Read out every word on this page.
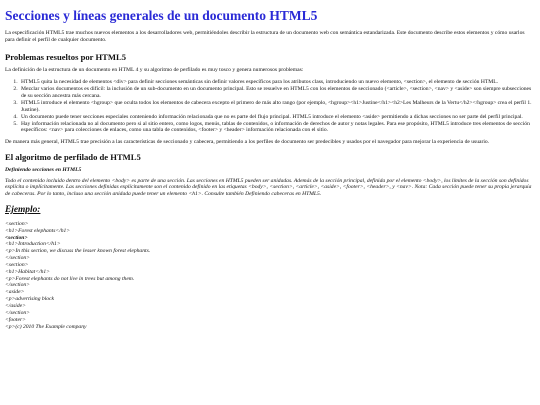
Secciones y líneas generales de un documento HTML5

La especificación HTML5 trae muchos nuevos elementos a los desarrolladores web, permitiéndoles describir la estructura de un documento web con semántica estandarizada. Este documento describe estos elementos y cómo usarlos para definir el perfil de cualquier documento.

Problemas resueltos por HTML5

La definición de la estructura de un documento en HTML 4 y su algoritmo de perfilado es muy tosco y genera numerosos problemas:

1. HTML5 quita la necesidad de elementos <div> para definir secciones semánticas sin definir valores específicos para los atributos class, introduciendo un nuevo elemento, <section>, el elemento de sección HTML.
2. Mezclar varios documentos es difícil: la inclusión de un sub-documento en un documento principal. Esto se resuelve en HTML5 con los elementos de seccionado (<article>, <section>, <nav> y <aside> son siempre subsecciones de su sección ancestra más cercana.
3. HTML5 introduce el elemento <hgroup> que oculta todos los elementos de cabecera excepto el primero de más alto rango (por ejemplo, <hgroup><h1>Justine</h1><h2>Les Malheurs de la Vertu</h2></hgroup> crea el perfil 1. Justine).
4. Un documento puede tener secciones especiales conteniendo información relacionada que no es parte del flujo principal. HTML5 introduce el elemento <aside> permitiendo a dichas secciones no ser parte del perfil principal.
5. Hay información relacionada no al documento pero si al sitio entero, como logos, menús, tablas de contenidos, o información de derechos de autor y notas legales. Para ese propósito, HTML5 introduce tres elementos de sección específicos: <nav> para colecciones de enlaces, como una tabla de contenidos, <footer> y <header> información relacionada con el sitio.

De manera más general, HTML5 trae precisión a las características de seccionado y cabecera, permitiendo a los perfiles de documento ser predecibles y usados por el navegador para mejorar la experiencia de usuario.

El algoritmo de perfilado de HTML5
Definiendo secciones en HTML5

Todo el contenido incluido dentro del elemento <body> es parte de una sección. Las secciones en HTML5 pueden ser anidadas. Además de la sección principal, definida por el elemento <body>, los límites de la sección son definidos explícita o implícitamente. Las secciones definidas explícitamente son el contenido definido en las etiquetas <body>, <section>, <article>, <aside>, <footer>, <header>, y <nav>. Nota: Cada sección puede tener su propia jerarquía de cabeceras. Por lo tanto, incluso una sección anidada puede tener un elemento <h1>. Consulte también Definiendo cabeceras en HTML5.

Ejemplo:
<section>
<h1>Forest elephants</h1>
<section>
<h1>Introduction</h1>
<p>In this section, we discuss the lesser known forest elephants.
</section>
<section>
<h1>Habitat</h1>
<p>Forest elephants do not live in trees but among them.
</section>
<aside>
<p>advertising block
</aside>
</section>
<footer>
<p>(c) 2010 The Example company
